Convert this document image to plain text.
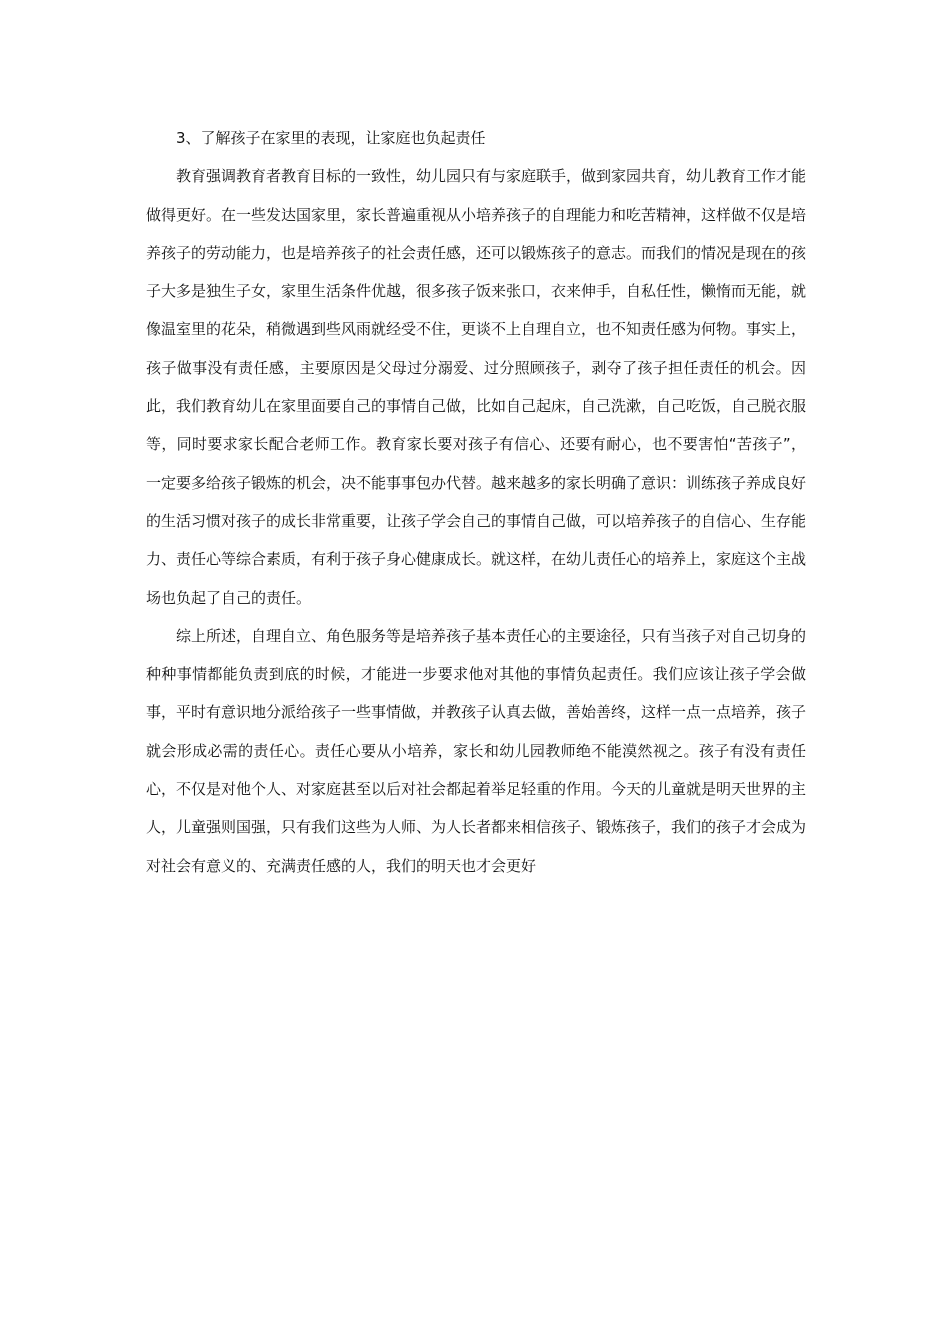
3、了解孩子在家里的表现，让家庭也负起责任

教育强调教育者教育目标的一致性，幼儿园只有与家庭联手，做到家园共育，幼儿教育工作才能做得更好。在一些发达国家里，家长普遍重视从小培养孩子的自理能力和吃苦精神，这样做不仅是培养孩子的劳动能力，也是培养孩子的社会责任感，还可以锻炼孩子的意志。而我们的情况是现在的孩子大多是独生子女，家里生活条件优越，很多孩子饭来张口，衣来伸手，自私任性，懒惰而无能，就像温室里的花朵，稍微遇到些风雨就经受不住，更谈不上自理自立，也不知责任感为何物。事实上，孩子做事没有责任感，主要原因是父母过分溺爱、过分照顾孩子，剥夺了孩子担任责任的机会。因此，我们教育幼儿在家里面要自己的事情自己做，比如自己起床，自己洗漱，自己吃饭，自己脱衣服等，同时要求家长配合老师工作。教育家长要对孩子有信心、还要有耐心，也不要害怕“苦孩子”，一定要多给孩子锻炼的机会，决不能事事包办代替。越来越多的家长明确了意识：训练孩子养成良好的生活习惯对孩子的成长非常重要，让孩子学会自己的事情自己做，可以培养孩子的自信心、生存能力、责任心等综合素质，有利于孩子身心健康成长。就这样，在幼儿责任心的培养上，家庭这个主战场也负起了自己的责任。

综上所述，自理自立、角色服务等是培养孩子基本责任心的主要途径，只有当孩子对自己切身的种种事情都能负责到底的时候，才能进一步要求他对其他的事情负起责任。我们应该让孩子学会做事，平时有意识地分派给孩子一些事情做，并教孩子认真去做，善始善终，这样一点一点培养，孩子就会形成必需的责任心。责任心要从小培养，家长和幼儿园教师绝不能漠然视之。孩子有没有责任心，不仅是对他个人、对家庭甚至以后对社会都起着举足轻重的作用。今天的儿童就是明天世界的主人，儿童强则国强，只有我们这些为人师、为人长者都来相信孩子、锻炼孩子，我们的孩子才会成为对社会有意义的、充满责任感的人，我们的明天也才会更好
